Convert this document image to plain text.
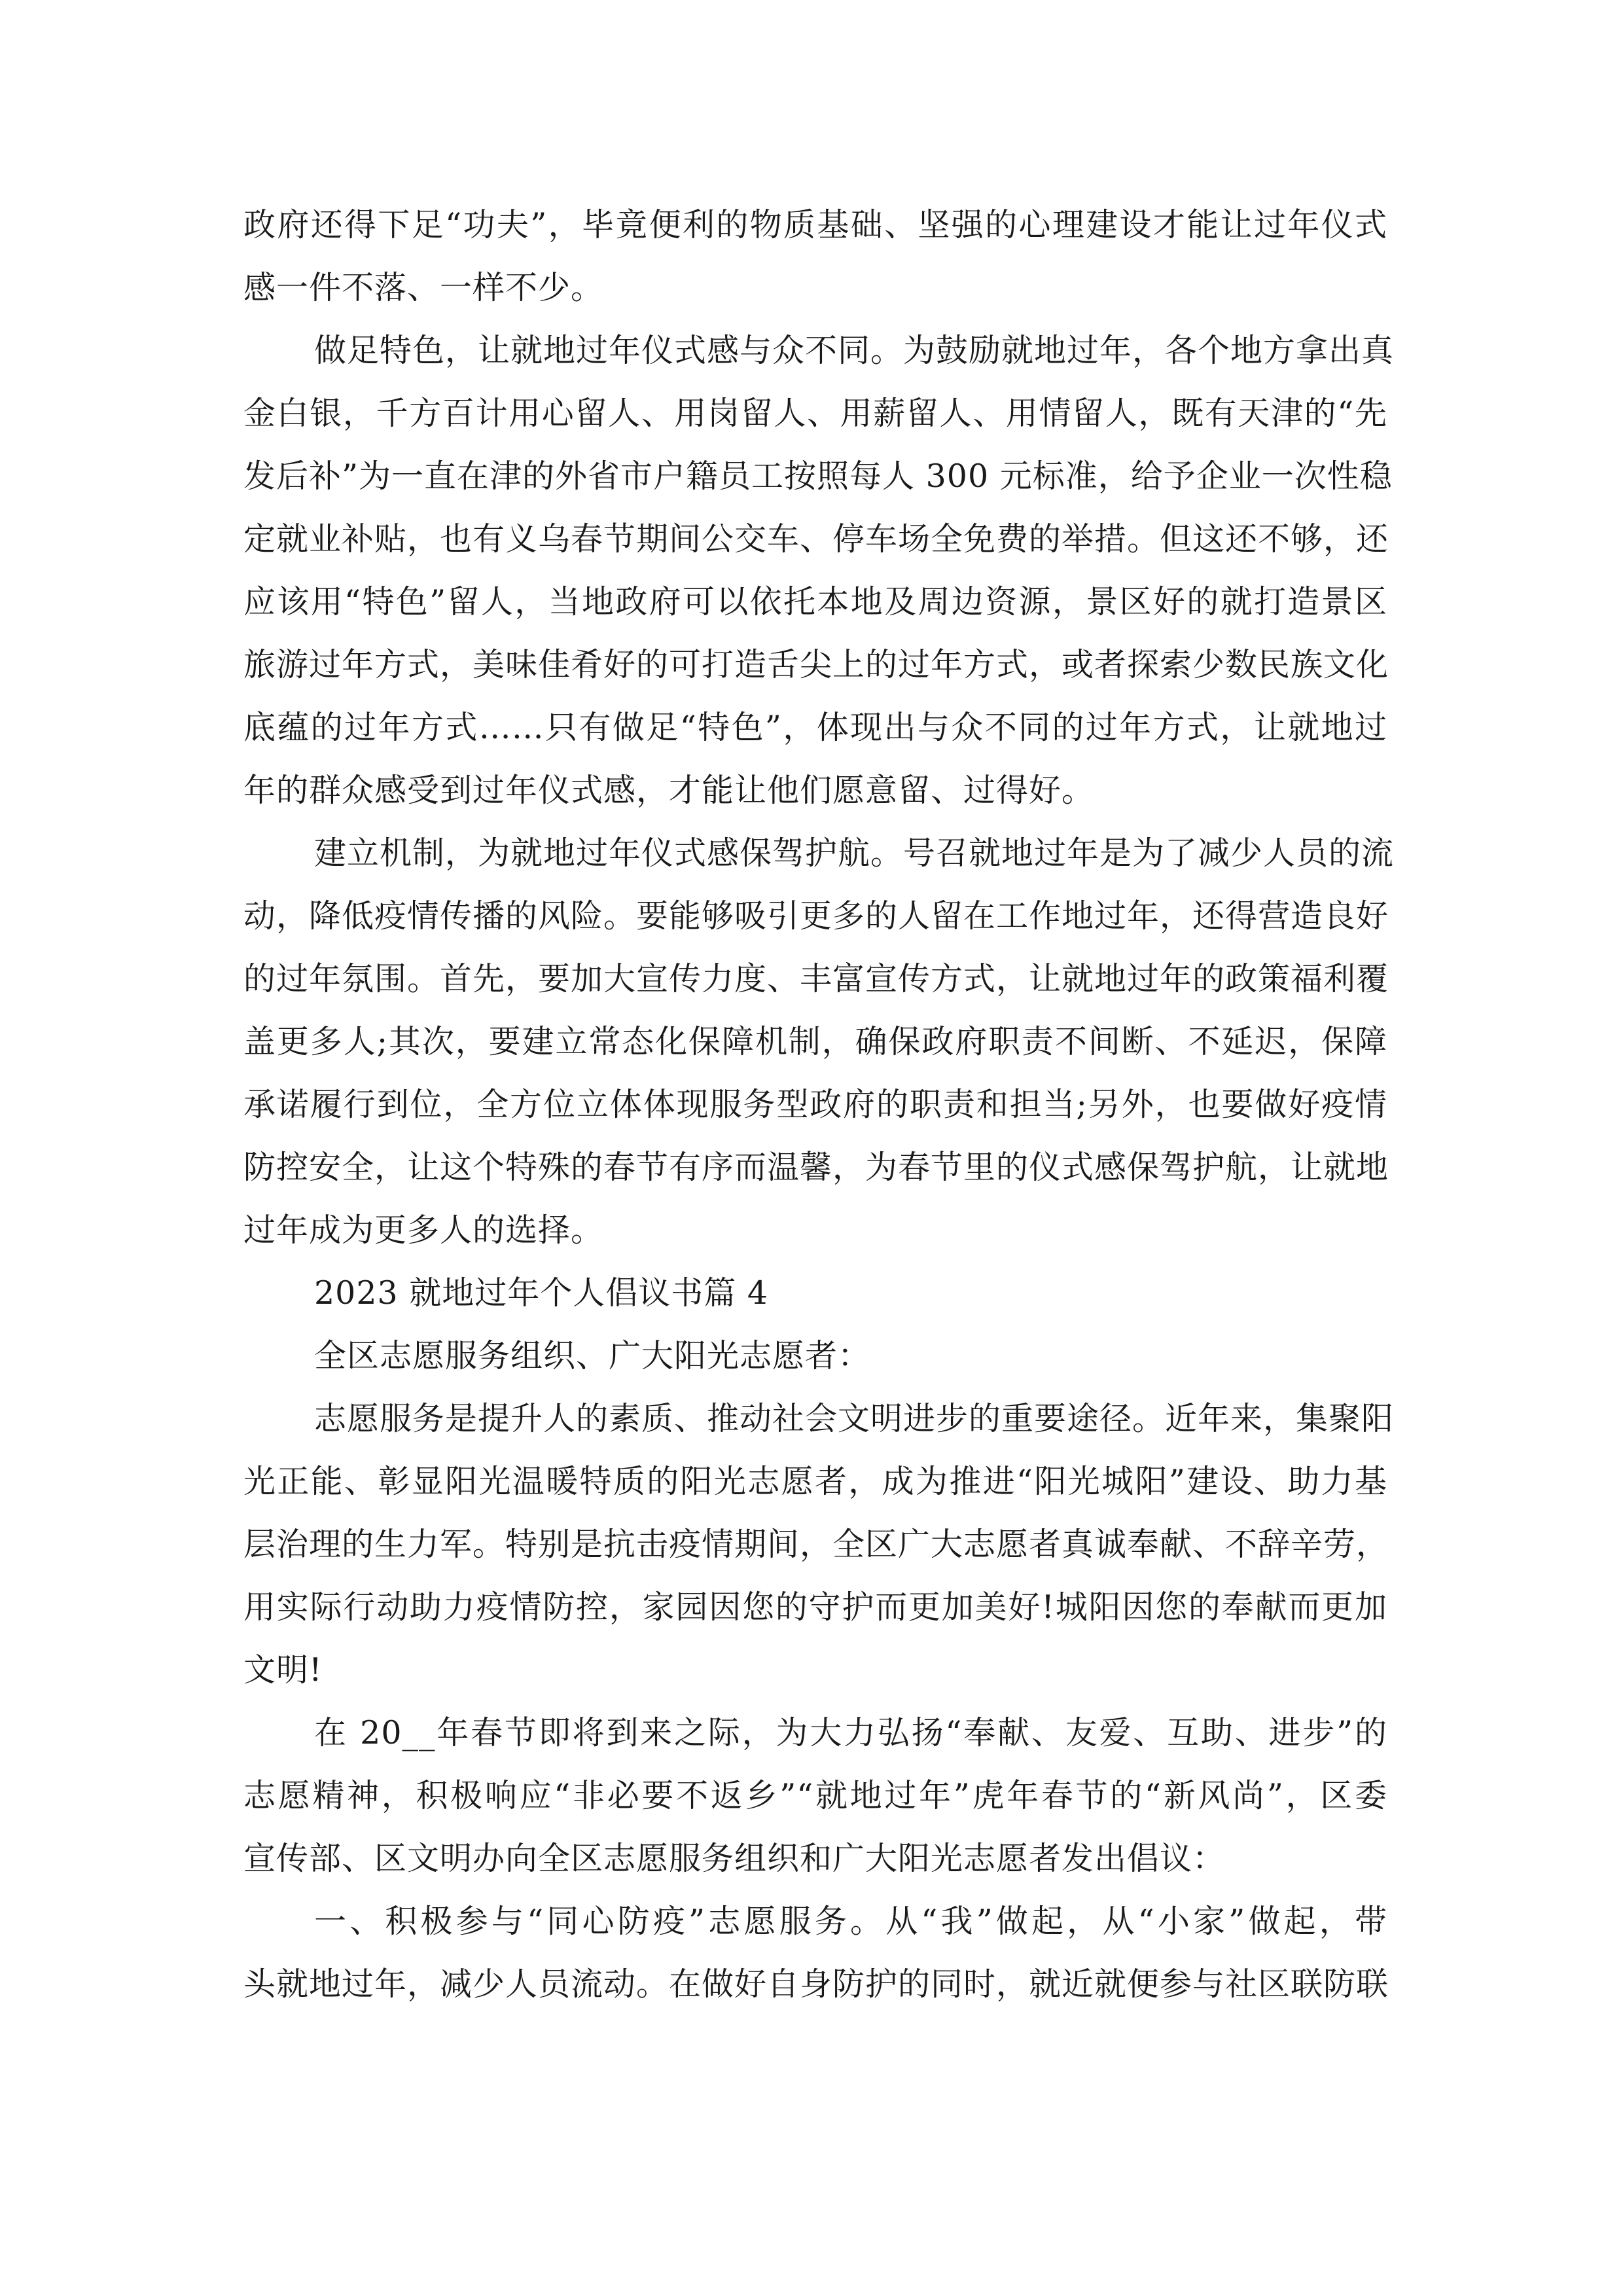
政府还得下足“功夫”，毕竟便利的物质基础、坚强的心理建设才能让过年仪式
感一件不落、一样不少。
做足特色，让就地过年仪式感与众不同。为鼓励就地过年，各个地方拿出真
金白银，千方百计用心留人、用岗留人、用薪留人、用情留人，既有天津的“先
发后补”为一直在津的外省市户籍员工按照每人 300 元标准，给予企业一次性稳
定就业补贴，也有义乌春节期间公交车、停车场全免费的举措。但这还不够，还
应该用“特色”留人，当地政府可以依托本地及周边资源，景区好的就打造景区
旅游过年方式，美味佳肴好的可打造舌尖上的过年方式，或者探索少数民族文化
底蕴的过年方式……只有做足“特色”，体现出与众不同的过年方式，让就地过
年的群众感受到过年仪式感，才能让他们愿意留、过得好。
建立机制，为就地过年仪式感保驾护航。号召就地过年是为了减少人员的流
动，降低疫情传播的风险。要能够吸引更多的人留在工作地过年，还得营造良好
的过年氛围。首先，要加大宣传力度、丰富宣传方式，让就地过年的政策福利覆
盖更多人;其次，要建立常态化保障机制，确保政府职责不间断、不延迟，保障
承诺履行到位，全方位立体体现服务型政府的职责和担当;另外，也要做好疫情
防控安全，让这个特殊的春节有序而温馨，为春节里的仪式感保驾护航，让就地
过年成为更多人的选择。
2023 就地过年个人倡议书篇 4
全区志愿服务组织、广大阳光志愿者：
志愿服务是提升人的素质、推动社会文明进步的重要途径。近年来，集聚阳
光正能、彰显阳光温暖特质的阳光志愿者，成为推进“阳光城阳”建设、助力基
层治理的生力军。特别是抗击疫情期间，全区广大志愿者真诚奉献、不辞辛劳，
用实际行动助力疫情防控，家园因您的守护而更加美好!城阳因您的奉献而更加
文明!
在 20__年春节即将到来之际，为大力弘扬“奉献、友爱、互助、进步”的
志愿精神，积极响应“非必要不返乡”“就地过年”虎年春节的“新风尚”，区委
宣传部、区文明办向全区志愿服务组织和广大阳光志愿者发出倡议：
一、积极参与“同心防疫”志愿服务。从“我”做起，从“小家”做起，带
头就地过年，减少人员流动。在做好自身防护的同时，就近就便参与社区联防联
